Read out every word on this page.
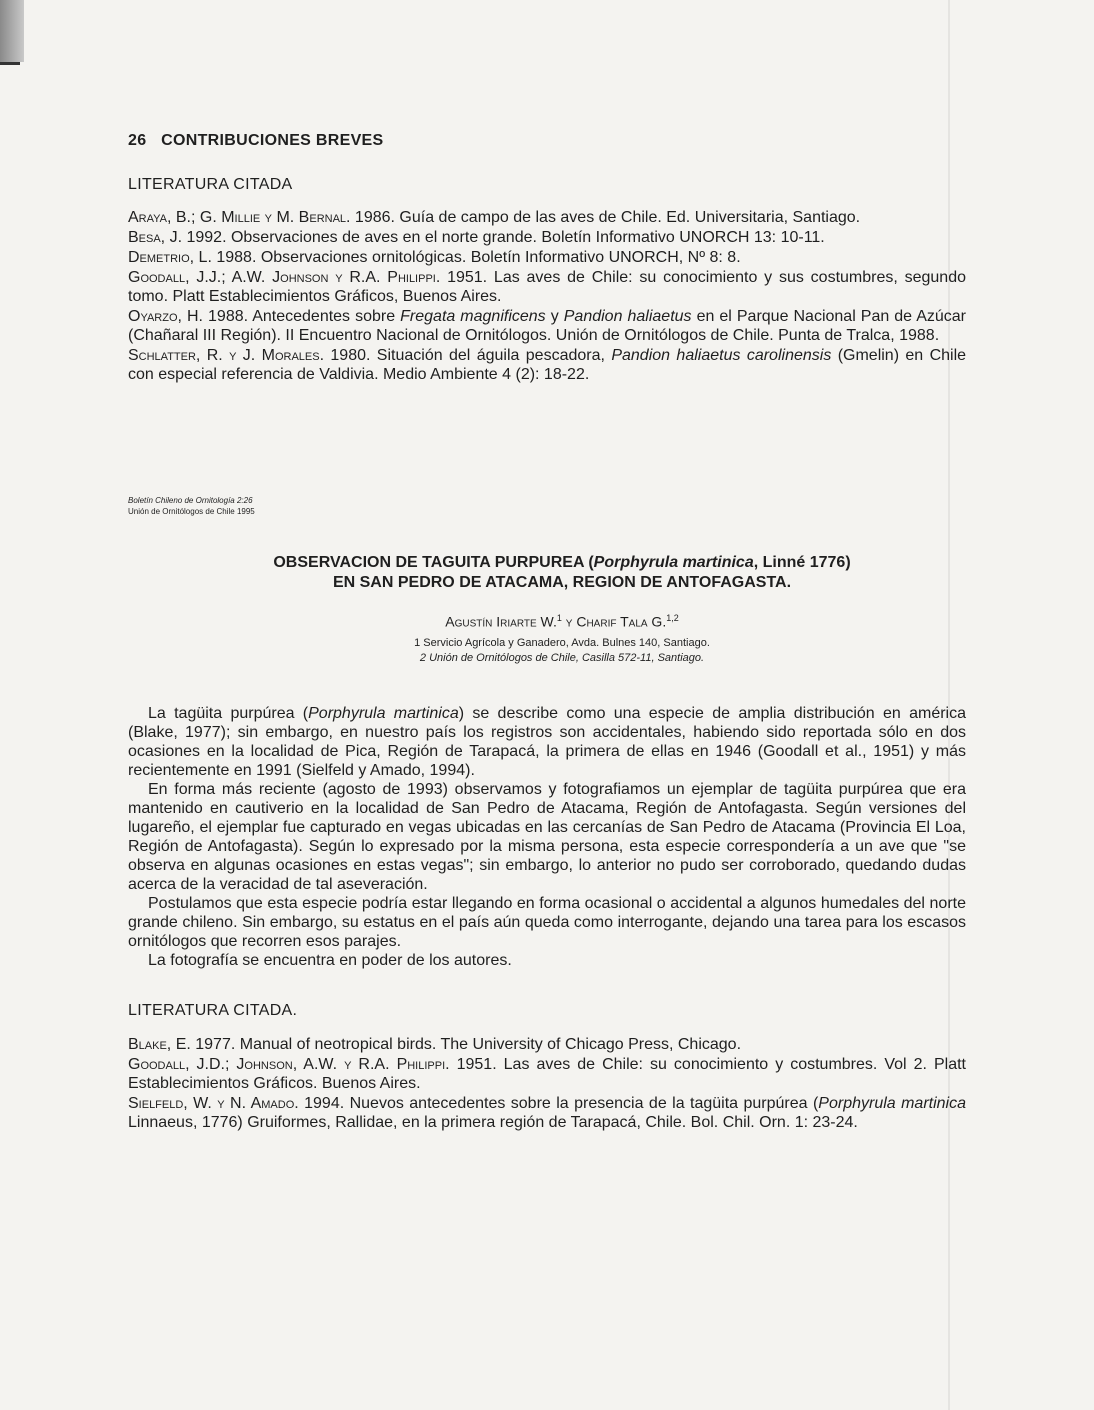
26 CONTRIBUCIONES BREVES
LITERATURA CITADA
Araya, B.; G. Millie y M. Bernal. 1986. Guía de campo de las aves de Chile. Ed. Universitaria, Santiago.
Besa, J. 1992. Observaciones de aves en el norte grande. Boletín Informativo UNORCH 13: 10-11.
Demetrio, L. 1988. Observaciones ornitológicas. Boletín Informativo UNORCH, Nº 8: 8.
Goodall, J.J.; A.W. Johnson y R.A. Philippi. 1951. Las aves de Chile: su conocimiento y sus costumbres, segundo tomo. Platt Establecimientos Gráficos, Buenos Aires.
Oyarzo, H. 1988. Antecedentes sobre Fregata magnificens y Pandion haliaetus en el Parque Nacional Pan de Azúcar (Chañaral III Región). II Encuentro Nacional de Ornitólogos. Unión de Ornitólogos de Chile. Punta de Tralca, 1988.
Schlatter, R. y J. Morales. 1980. Situación del águila pescadora, Pandion haliaetus carolinensis (Gmelin) en Chile con especial referencia de Valdivia. Medio Ambiente 4 (2): 18-22.
Boletín Chileno de Ornitología 2:26
Unión de Ornitólogos de Chile 1995
OBSERVACION DE TAGUITA PURPUREA (Porphyrula martinica, Linné 1776)
EN SAN PEDRO DE ATACAMA, REGION DE ANTOFAGASTA.
Agustín Iriarte W.$^1$ y Charif Tala G.$^{1,2}$
1 Servicio Agrícola y Ganadero, Avda. Bulnes 140, Santiago.
2 Unión de Ornitólogos de Chile, Casilla 572-11, Santiago.

La tagüita purpúrea (Porphyrula martinica) se describe como una especie de amplia distribución en américa (Blake, 1977); sin embargo, en nuestro país los registros son accidentales, habiendo sido reportada sólo en dos ocasiones en la localidad de Pica, Región de Tarapacá, la primera de ellas en 1946 (Goodall et al., 1951) y más recientemente en 1991 (Sielfeld y Amado, 1994).

En forma más reciente (agosto de 1993) observamos y fotografiamos un ejemplar de tagüita purpúrea que era mantenido en cautiverio en la localidad de San Pedro de Atacama, Región de Antofagasta. Según versiones del lugareño, el ejemplar fue capturado en vegas ubicadas en las cercanías de San Pedro de Atacama (Provincia El Loa, Región de Antofagasta). Según lo expresado por la misma persona, esta especie correspondería a un ave que "se observa en algunas ocasiones en estas vegas"; sin embargo, lo anterior no pudo ser corroborado, quedando dudas acerca de la veracidad de tal aseveración.

Postulamos que esta especie podría estar llegando en forma ocasional o accidental a algunos humedales del norte grande chileno. Sin embargo, su estatus en el país aún queda como interrogante, dejando una tarea para los escasos ornitólogos que recorren esos parajes.

La fotografía se encuentra en poder de los autores.

LITERATURA CITADA.
Blake, E. 1977. Manual of neotropical birds. The University of Chicago Press, Chicago.
Goodall, J.D.; Johnson, A.W. y R.A. Philippi. 1951. Las aves de Chile: su conocimiento y costumbres. Vol 2. Platt Establecimientos Gráficos. Buenos Aires.
Sielfeld, W. y N. Amado. 1994. Nuevos antecedentes sobre la presencia de la tagüita purpúrea (Porphyrula martinica Linnaeus, 1776) Gruiformes, Rallidae, en la primera región de Tarapacá, Chile. Bol. Chil. Orn. 1: 23-24.
